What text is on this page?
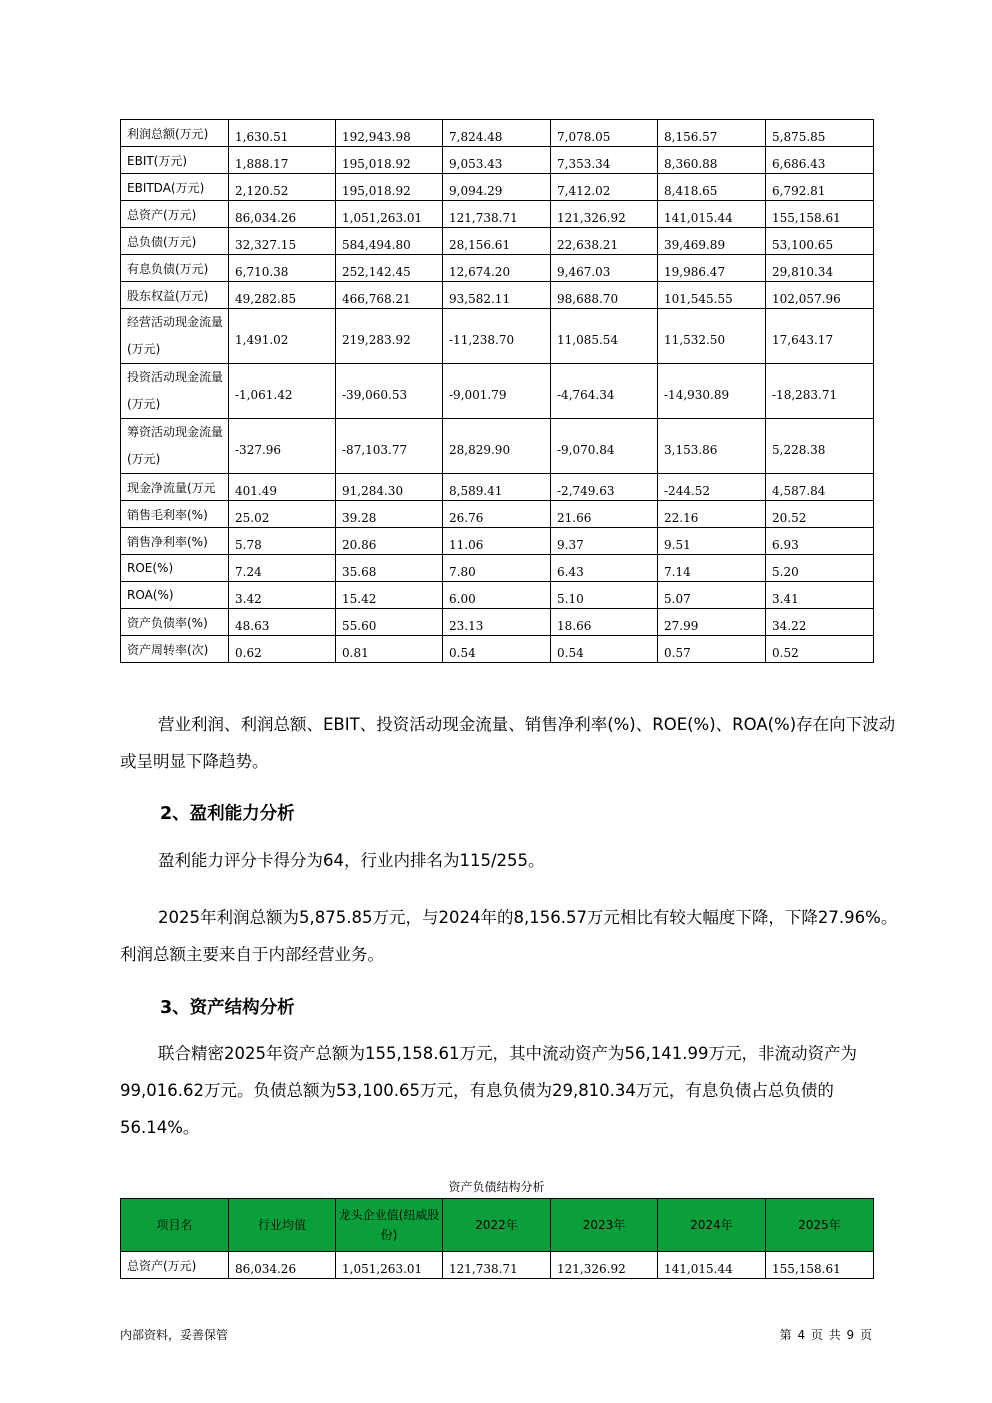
利润总额(万元)	1,630.51	192,943.98	7,824.48	7,078.05	8,156.57	5,875.85
EBIT(万元)	1,888.17	195,018.92	9,053.43	7,353.34	8,360.88	6,686.43
EBITDA(万元)	2,120.52	195,018.92	9,094.29	7,412.02	8,418.65	6,792.81
总资产(万元)	86,034.26	1,051,263.01	121,738.71	121,326.92	141,015.44	155,158.61
总负债(万元)	32,327.15	584,494.80	28,156.61	22,638.21	39,469.89	53,100.65
有息负债(万元)	6,710.38	252,142.45	12,674.20	9,467.03	19,986.47	29,810.34
股东权益(万元)	49,282.85	466,768.21	93,582.11	98,688.70	101,545.55	102,057.96
经营活动现金流量(万元)	1,491.02	219,283.92	-11,238.70	11,085.54	11,532.50	17,643.17
投资活动现金流量(万元)	-1,061.42	-39,060.53	-9,001.79	-4,764.34	-14,930.89	-18,283.71
筹资活动现金流量(万元)	-327.96	-87,103.77	28,829.90	-9,070.84	3,153.86	5,228.38
现金净流量(万元	401.49	91,284.30	8,589.41	-2,749.63	-244.52	4,587.84
销售毛利率(%)	25.02	39.28	26.76	21.66	22.16	20.52
销售净利率(%)	5.78	20.86	11.06	9.37	9.51	6.93
ROE(%)	7.24	35.68	7.80	6.43	7.14	5.20
ROA(%)	3.42	15.42	6.00	5.10	5.07	3.41
资产负债率(%)	48.63	55.60	23.13	18.66	27.99	34.22
资产周转率(次)	0.62	0.81	0.54	0.54	0.57	0.52
营业利润、利润总额、EBIT、投资活动现金流量、销售净利率(%)、ROE(%)、ROA(%)存在向下波动或呈明显下降趋势。
2、盈利能力分析
盈利能力评分卡得分为64，行业内排名为115/255。
2025年利润总额为5,875.85万元，与2024年的8,156.57万元相比有较大幅度下降，下降27.96%。利润总额主要来自于内部经营业务。
3、资产结构分析
联合精密2025年资产总额为155,158.61万元，其中流动资产为56,141.99万元，非流动资产为99,016.62万元。负债总额为53,100.65万元，有息负债为29,810.34万元，有息负债占总负债的56.14%。
资产负债结构分析
项目名	行业均值	龙头企业值(纽威股份)	2022年	2023年	2024年	2025年
总资产(万元)	86,034.26	1,051,263.01	121,738.71	121,326.92	141,015.44	155,158.61
内部资料，妥善保管	第 4 页 共 9 页
